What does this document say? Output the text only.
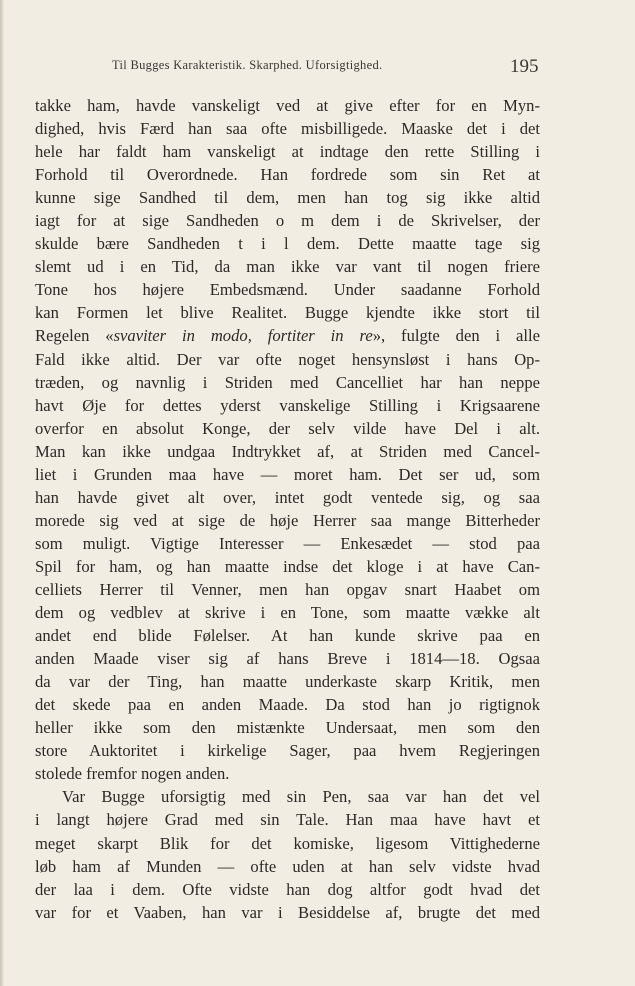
Til Bugges Karakteristik. Skarphed. Uforsigtighed.	195
takke ham, havde vanskeligt ved at give efter for en Myn-
dighed, hvis Færd han saa ofte misbilligede. Maaske det i det
hele har faldt ham vanskeligt at indtage den rette Stilling i
Forhold til Overordnede. Han fordrede som sin Ret at
kunne sige Sandhed til dem, men han tog sig ikke altid
iagt for at sige Sandheden o m dem i de Skrivelser, der
skulde bære Sandheden t i l dem. Dette maatte tage sig
slemt ud i en Tid, da man ikke var vant til nogen friere
Tone hos højere Embedsmænd. Under saadanne Forhold
kan Formen let blive Realitet. Bugge kjendte ikke stort til
Regelen «svaviter in modo, fortiter in re», fulgte den i alle
Fald ikke altid. Der var ofte noget hensynsløst i hans Op-
træden, og navnlig i Striden med Cancelliet har han neppe
havt Øje for dettes yderst vanskelige Stilling i Krigsaarene
overfor en absolut Konge, der selv vilde have Del i alt.
Man kan ikke undgaa Indtrykket af, at Striden med Cancel-
liet i Grunden maa have — moret ham. Det ser ud, som
han havde givet alt over, intet godt ventede sig, og saa
morede sig ved at sige de høje Herrer saa mange Bitterheder
som muligt. Vigtige Interesser — Enkesædet — stod paa
Spil for ham, og han maatte indse det kloge i at have Can-
celliets Herrer til Venner, men han opgav snart Haabet om
dem og vedblev at skrive i en Tone, som maatte vække alt
andet end blide Følelser. At han kunde skrive paa en
anden Maade viser sig af hans Breve i 1814—18. Ogsaa
da var der Ting, han maatte underkaste skarp Kritik, men
det skede paa en anden Maade. Da stod han jo rigtignok
heller ikke som den mistænkte Undersaat, men som den
store Auktoritet i kirkelige Sager, paa hvem Regjeringen
stolede fremfor nogen anden.
Var Bugge uforsigtig med sin Pen, saa var han det vel
i langt højere Grad med sin Tale. Han maa have havt et
meget skarpt Blik for det komiske, ligesom Vittighederne
løb ham af Munden — ofte uden at han selv vidste hvad
der laa i dem. Ofte vidste han dog altfor godt hvad det
var for et Vaaben, han var i Besiddelse af, brugte det med
